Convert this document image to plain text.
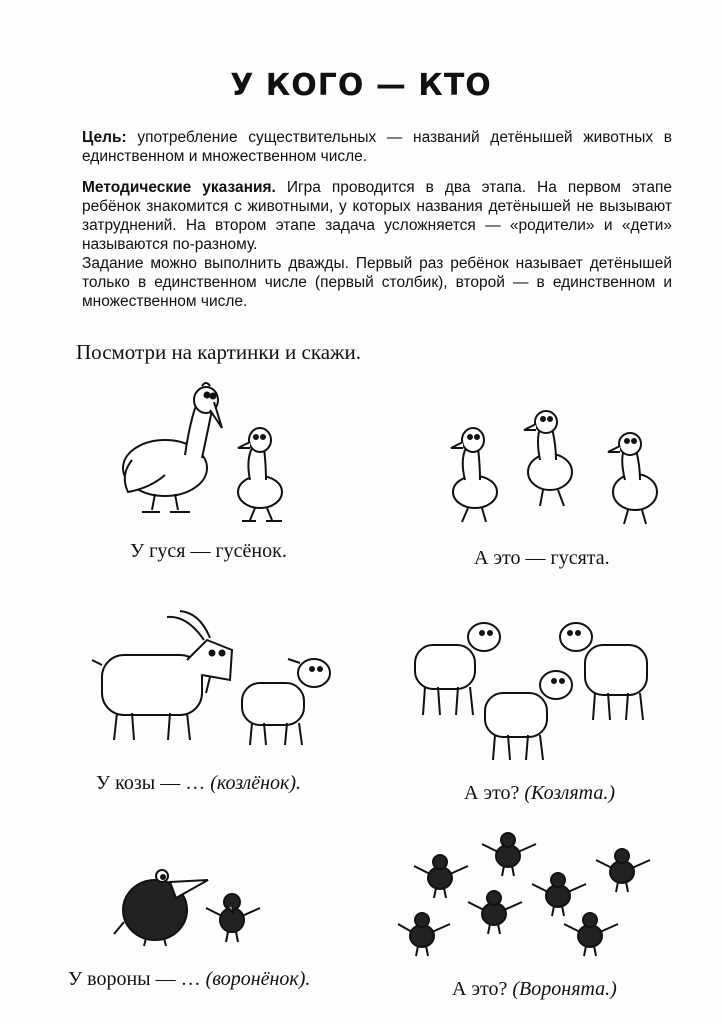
У КОГО — КТО
Цель: употребление существительных — названий детёнышей животных в единственном и множественном числе.
Методические указания. Игра проводится в два этапа. На первом этапе ребёнок знакомится с животными, у которых названия детёнышей не вызывают затруднений. На втором этапе задача усложняется — «родители» и «дети» называются по-разному.
Задание можно выполнить дважды. Первый раз ребёнок называет детёнышей только в единственном числе (первый столбик), второй — в единственном и множественном числе.
Посмотри на картинки и скажи.
У гуся — гусёнок.	А это — гусята.
У козы — … (козлёнок).	А это? (Козлята.)
У вороны — … (воронёнок).	А это? (Воронята.)
